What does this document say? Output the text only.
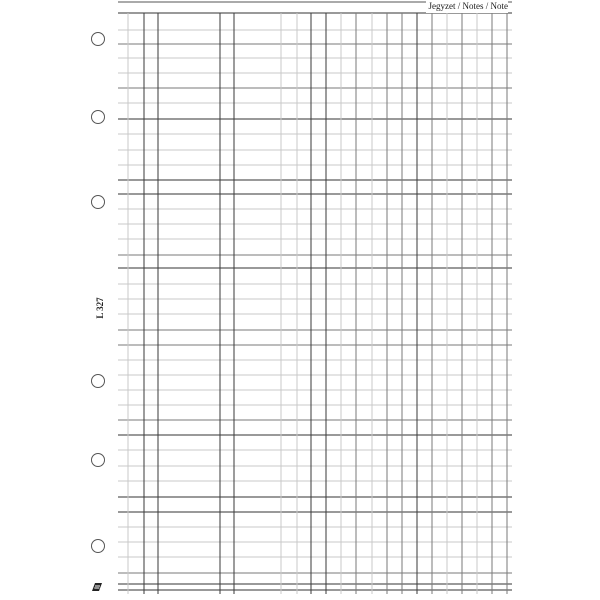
Jegyzet / Notes / Note
L 327
